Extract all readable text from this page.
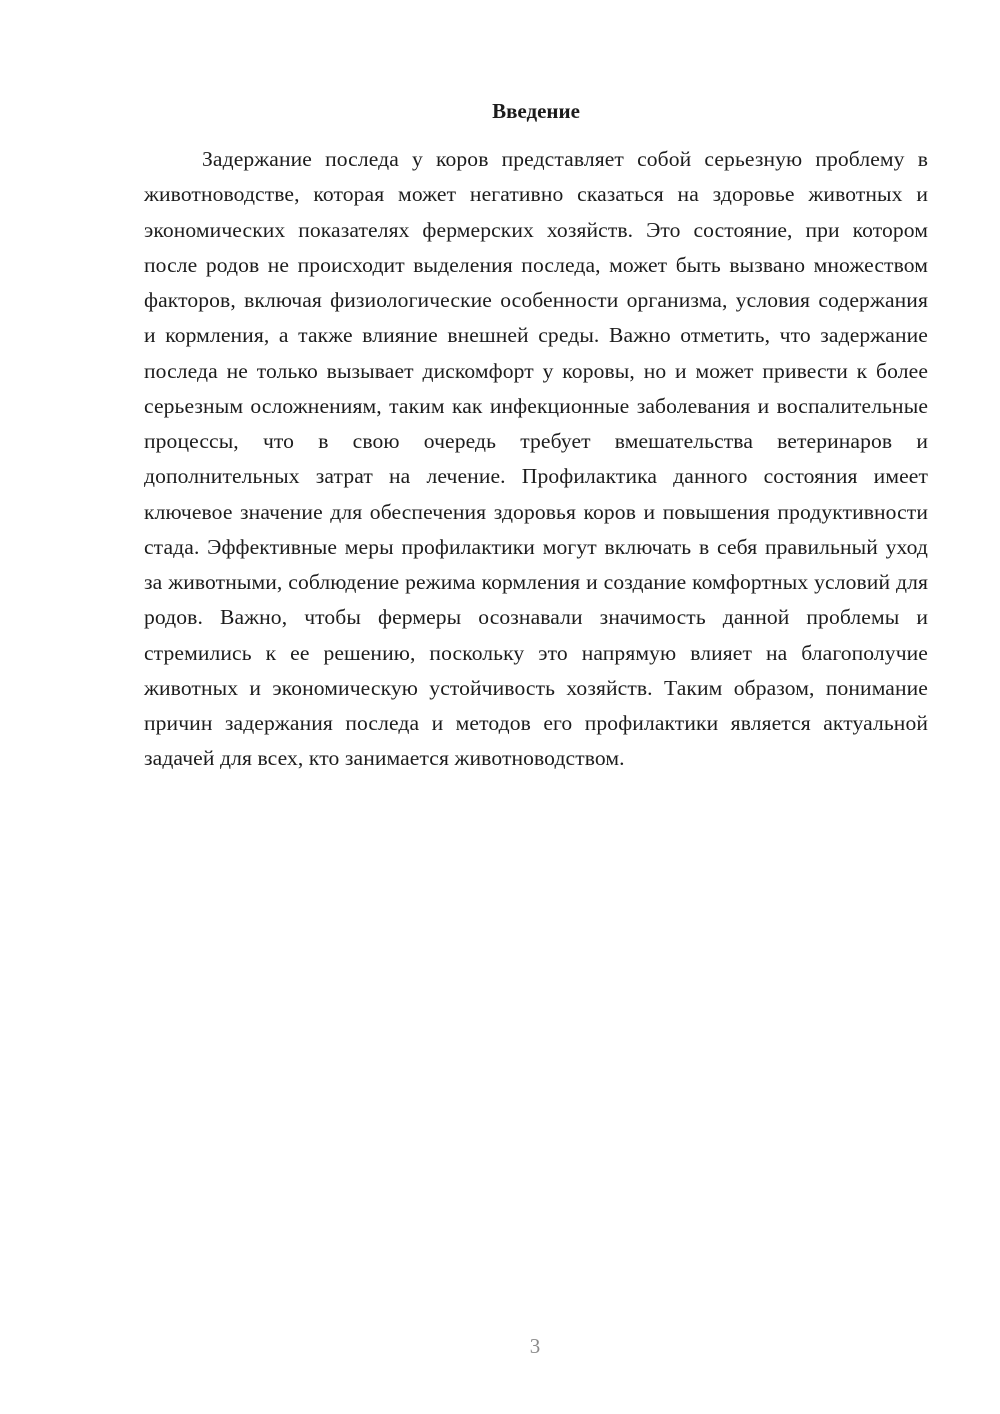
Введение

Задержание последа у коров представляет собой серьезную проблему в животноводстве, которая может негативно сказаться на здоровье животных и экономических показателях фермерских хозяйств. Это состояние, при котором после родов не происходит выделения последа, может быть вызвано множеством факторов, включая физиологические особенности организма, условия содержания и кормления, а также влияние внешней среды. Важно отметить, что задержание последа не только вызывает дискомфорт у коровы, но и может привести к более серьезным осложнениям, таким как инфекционные заболевания и воспалительные процессы, что в свою очередь требует вмешательства ветеринаров и дополнительных затрат на лечение. Профилактика данного состояния имеет ключевое значение для обеспечения здоровья коров и повышения продуктивности стада. Эффективные меры профилактики могут включать в себя правильный уход за животными, соблюдение режима кормления и создание комфортных условий для родов. Важно, чтобы фермеры осознавали значимость данной проблемы и стремились к ее решению, поскольку это напрямую влияет на благополучие животных и экономическую устойчивость хозяйств. Таким образом, понимание причин задержания последа и методов его профилактики является актуальной задачей для всех, кто занимается животноводством.

3
